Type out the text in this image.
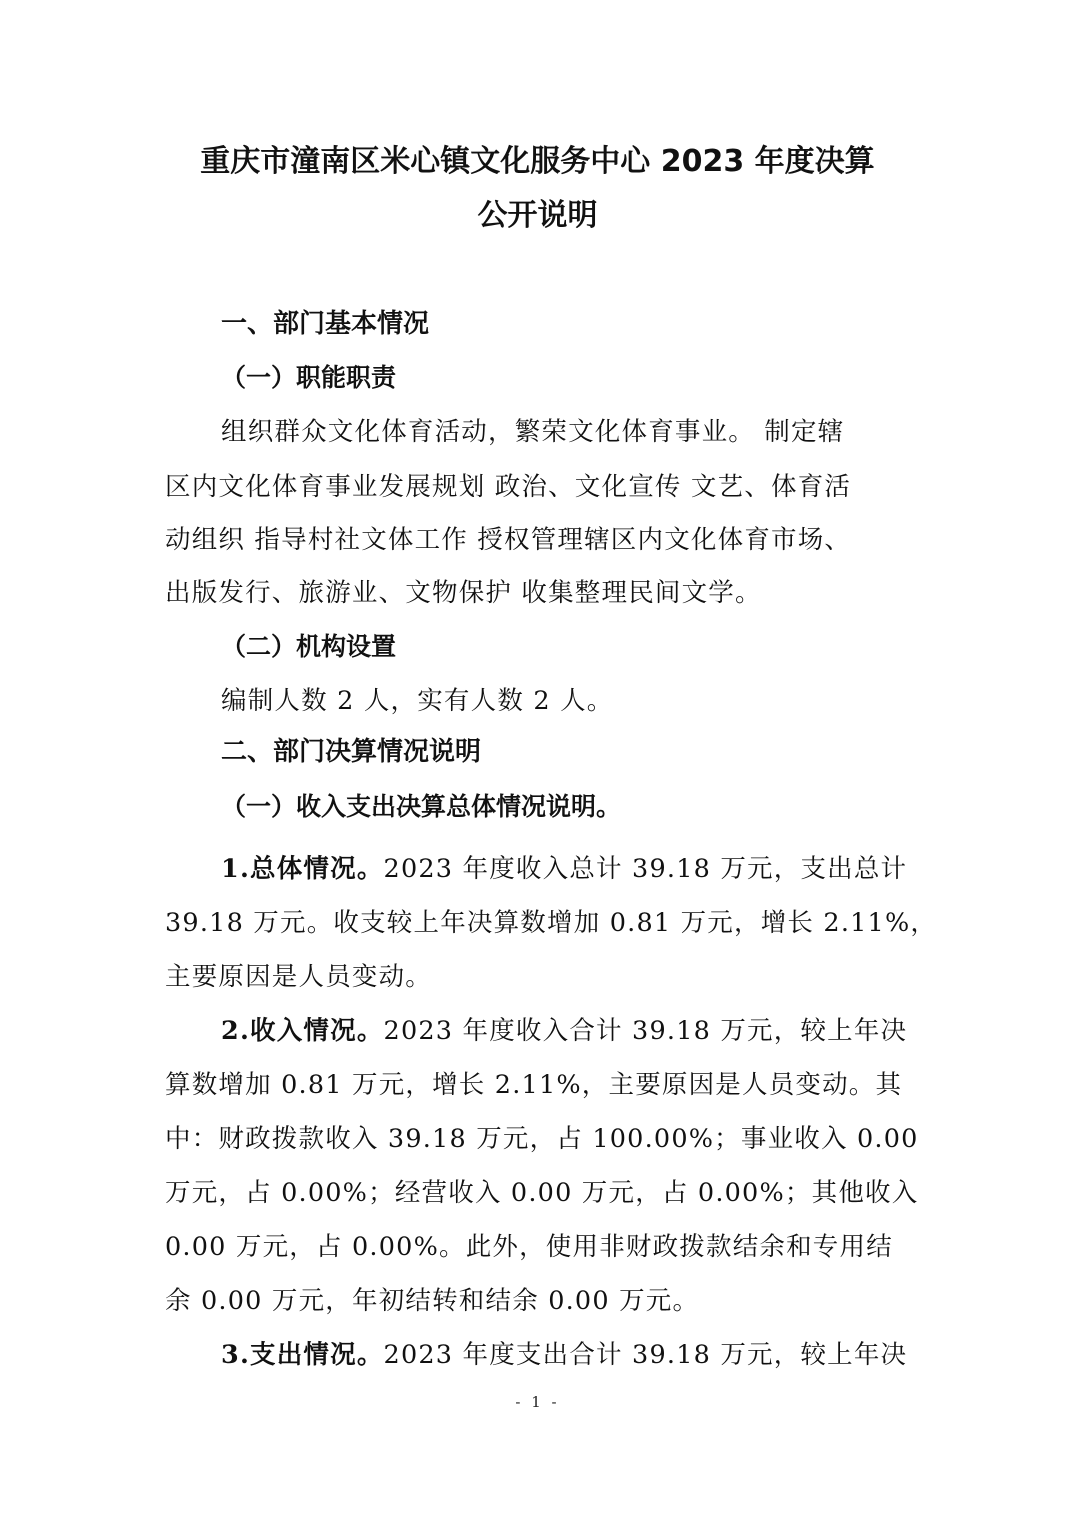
重庆市潼南区米心镇文化服务中心 2023 年度决算
公开说明
一、部门基本情况
（一）职能职责

组织群众文化体育活动，繁荣文化体育事业。 制定辖

区内文化体育事业发展规划 政治、文化宣传 文艺、体育活

动组织 指导村社文体工作 授权管理辖区内文化体育市场、

出版发行、旅游业、文物保护 收集整理民间文学。

（二）机构设置

编制人数 2 人，实有人数 2 人。

二、部门决算情况说明
（一）收入支出决算总体情况说明。

1.总体情况。2023 年度收入总计 39.18 万元，支出总计

39.18 万元。收支较上年决算数增加 0.81 万元，增长 2.11%，

主要原因是人员变动。

2.收入情况。2023 年度收入合计 39.18 万元，较上年决

算数增加 0.81 万元，增长 2.11%，主要原因是人员变动。其

中：财政拨款收入 39.18 万元，占 100.00%；事业收入 0.00

万元，占 0.00%；经营收入 0.00 万元，占 0.00%；其他收入

0.00 万元，占 0.00%。此外，使用非财政拨款结余和专用结

余 0.00 万元，年初结转和结余 0.00 万元。

3.支出情况。2023 年度支出合计 39.18 万元，较上年决

- 1 -
